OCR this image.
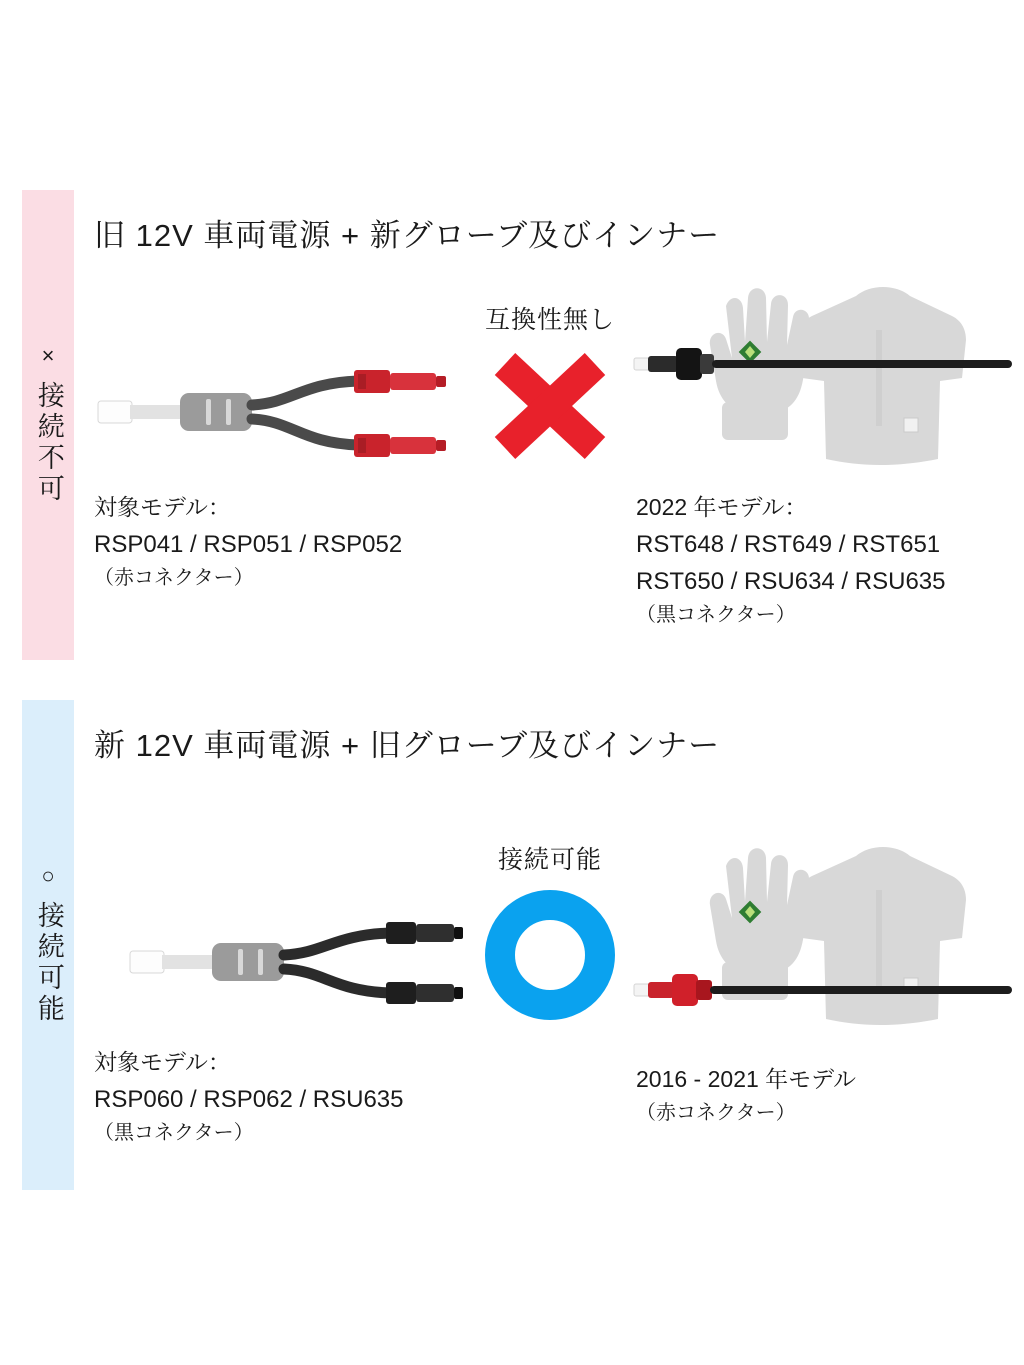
×
接続不可
旧 12V 車両電源 + 新グローブ及びインナー
互換性無し
対象モデル：
RSP041 / RSP051 / RSP052
（赤コネクター）
2022 年モデル：
RST648 / RST649 / RST651
RST650 / RSU634 / RSU635
（黒コネクター）
○
接続可能
新 12V 車両電源 + 旧グローブ及びインナー
接続可能
対象モデル：
RSP060 / RSP062 / RSU635
（黒コネクター）
2016 - 2021 年モデル
（赤コネクター）
